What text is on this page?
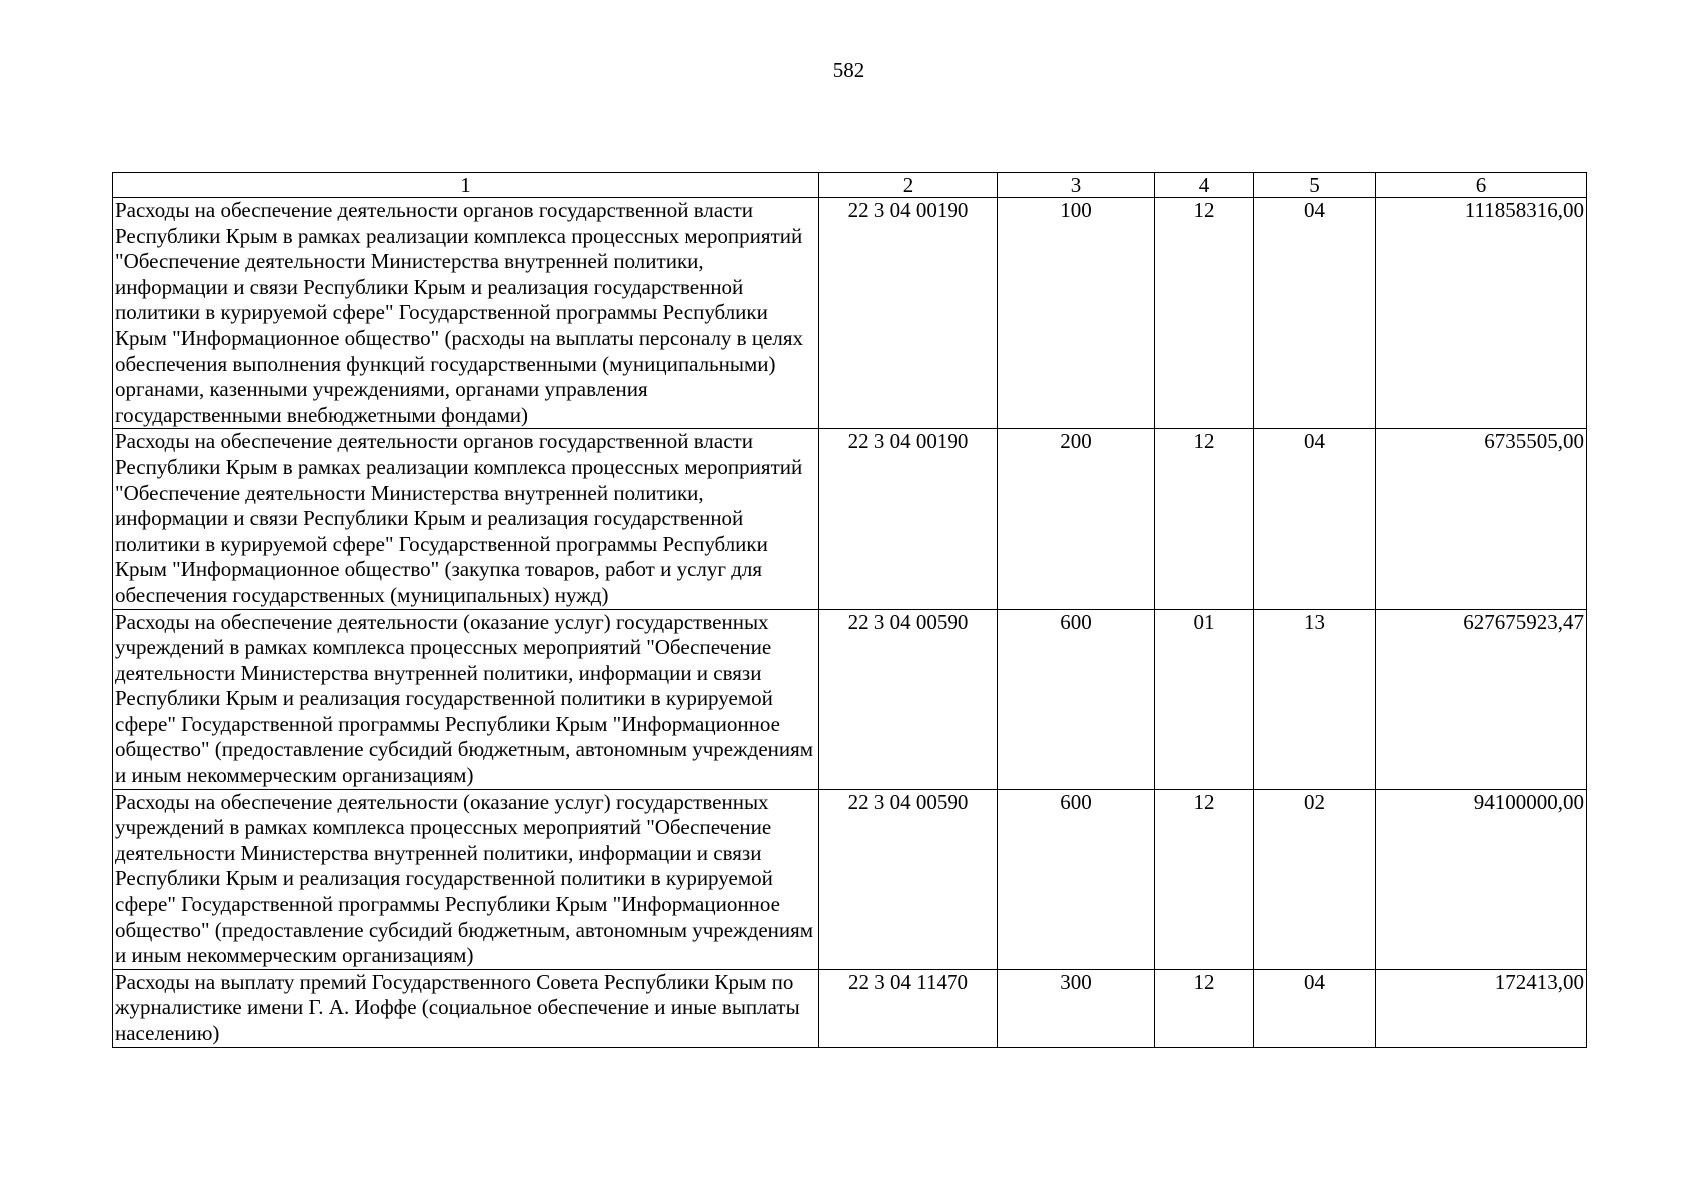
582
1	2	3	4	5	6
Расходы на обеспечение деятельности органов государственной власти Республики Крым в рамках реализации комплекса процессных мероприятий "Обеспечение деятельности Министерства внутренней политики, информации и связи Республики Крым и реализация государственной политики в курируемой сфере" Государственной программы Республики Крым "Информационное общество" (расходы на выплаты персоналу в целях обеспечения выполнения функций государственными (муниципальными) органами, казенными учреждениями, органами управления государственными внебюджетными фондами)	22 3 04 00190	100	12	04	111858316,00
Расходы на обеспечение деятельности органов государственной власти Республики Крым в рамках реализации комплекса процессных мероприятий "Обеспечение деятельности Министерства внутренней политики, информации и связи Республики Крым и реализация государственной политики в курируемой сфере" Государственной программы Республики Крым "Информационное общество" (закупка товаров, работ и услуг для обеспечения государственных (муниципальных) нужд)	22 3 04 00190	200	12	04	6735505,00
Расходы на обеспечение деятельности (оказание услуг) государственных учреждений в рамках комплекса процессных мероприятий "Обеспечение деятельности Министерства внутренней политики, информации и связи Республики Крым и реализация государственной политики в курируемой сфере" Государственной программы Республики Крым "Информационное общество" (предоставление субсидий бюджетным, автономным учреждениям и иным некоммерческим организациям)	22 3 04 00590	600	01	13	627675923,47
Расходы на обеспечение деятельности (оказание услуг) государственных учреждений в рамках комплекса процессных мероприятий "Обеспечение деятельности Министерства внутренней политики, информации и связи Республики Крым и реализация государственной политики в курируемой сфере" Государственной программы Республики Крым "Информационное общество" (предоставление субсидий бюджетным, автономным учреждениям и иным некоммерческим организациям)	22 3 04 00590	600	12	02	94100000,00
Расходы на выплату премий Государственного Совета Республики Крым по журналистике имени Г. А. Иоффе (социальное обеспечение и иные выплаты населению)	22 3 04 11470	300	12	04	172413,00
